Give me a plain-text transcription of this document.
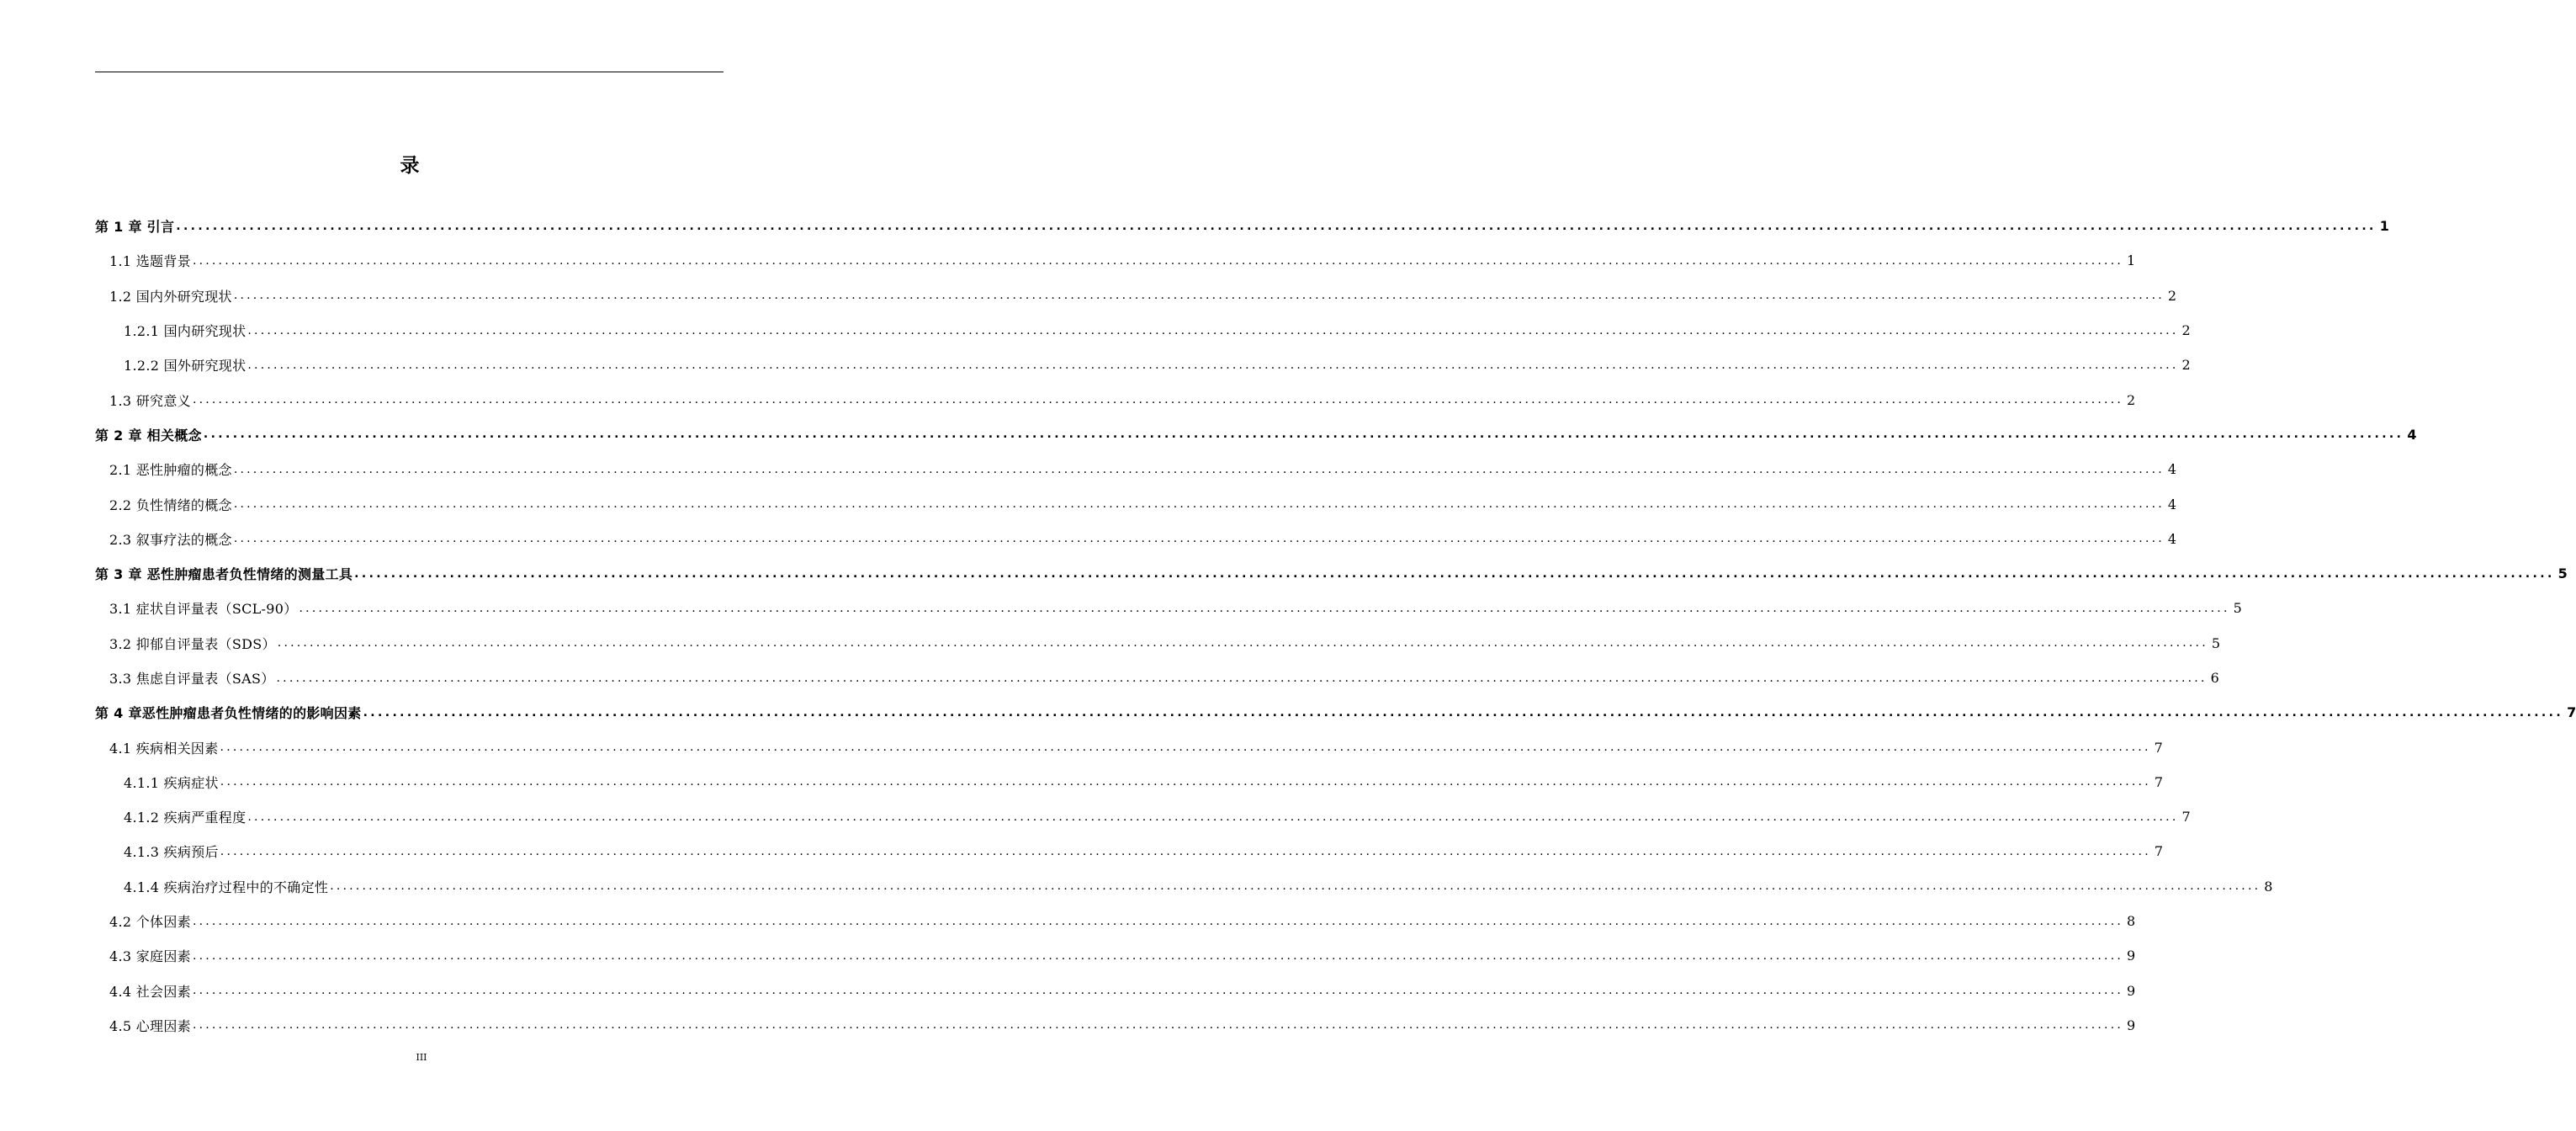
录
第 1 章 引言 ............................................................................................................................................................................................................................................................................................................ 1
1.1 选题背景 ............................................................................................................................................................................................................................................................................................................ 1
1.2 国内外研究现状 ............................................................................................................................................................................................................................................................................................................ 2
1.2.1 国内研究现状 ............................................................................................................................................................................................................................................................................................................ 2
1.2.2 国外研究现状 ............................................................................................................................................................................................................................................................................................................ 2
1.3 研究意义 ............................................................................................................................................................................................................................................................................................................ 2
第 2 章 相关概念 ............................................................................................................................................................................................................................................................................................................ 4
2.1 恶性肿瘤的概念 ............................................................................................................................................................................................................................................................................................................ 4
2.2 负性情绪的概念 ............................................................................................................................................................................................................................................................................................................ 4
2.3 叙事疗法的概念 ............................................................................................................................................................................................................................................................................................................ 4
第 3 章 恶性肿瘤患者负性情绪的测量工具 ............................................................................................................................................................................................................................................................................................................ 5
3.1 症状自评量表（SCL-90） ............................................................................................................................................................................................................................................................................................................ 5
3.2 抑郁自评量表（SDS） ............................................................................................................................................................................................................................................................................................................ 5
3.3 焦虑自评量表（SAS） ............................................................................................................................................................................................................................................................................................................ 6
第 4 章恶性肿瘤患者负性情绪的的影响因素 ............................................................................................................................................................................................................................................................................................................ 7
4.1 疾病相关因素 ............................................................................................................................................................................................................................................................................................................ 7
4.1.1 疾病症状 ............................................................................................................................................................................................................................................................................................................ 7
4.1.2 疾病严重程度 ............................................................................................................................................................................................................................................................................................................ 7
4.1.3 疾病预后 ............................................................................................................................................................................................................................................................................................................ 7
4.1.4 疾病治疗过程中的不确定性 ............................................................................................................................................................................................................................................................................................................ 8
4.2 个体因素 ............................................................................................................................................................................................................................................................................................................ 8
4.3 家庭因素 ............................................................................................................................................................................................................................................................................................................ 9
4.4 社会因素 ............................................................................................................................................................................................................................................................................................................ 9
4.5 心理因素 ............................................................................................................................................................................................................................................................................................................ 9
III
